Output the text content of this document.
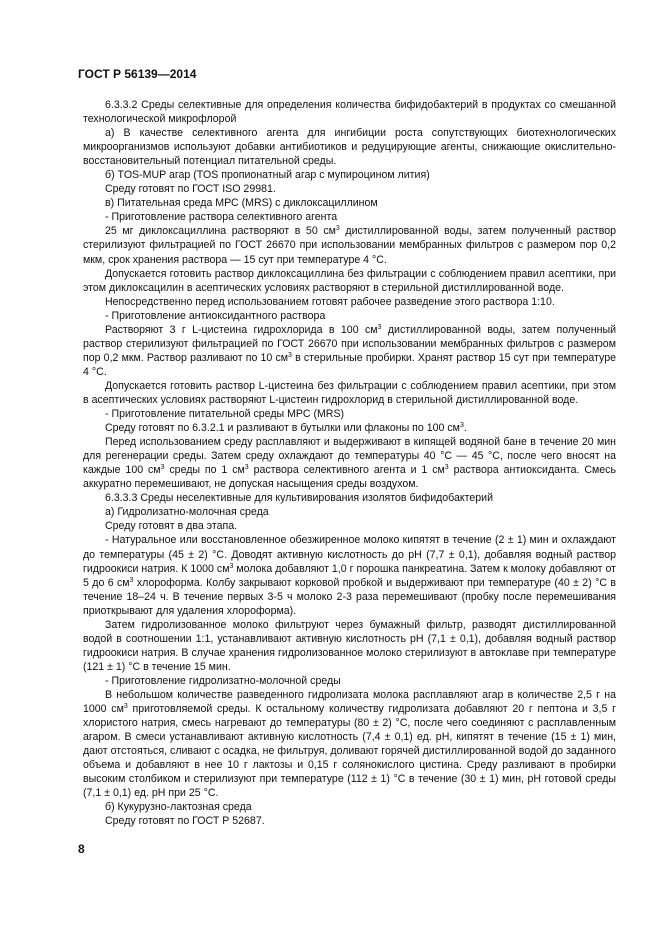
ГОСТ Р 56139—2014

6.3.3.2 Среды селективные для определения количества бифидобактерий в продуктах со смешанной технологической микрофлорой

а) В качестве селективного агента для ингибиции роста сопутствующих биотехнологических микроорганизмов используют добавки антибиотиков и редуцирующие агенты, снижающие окислительно-восстановительный потенциал питательной среды.

б) TOS-MUP агар (TOS пропионатный агар с мупироцином лития)

Среду готовят по ГОСТ ISO 29981.

в) Питательная среда МРС (MRS) с диклоксациллином

- Приготовление раствора селективного агента

25 мг диклоксациллина растворяют в 50 $см^3$ дистиллированной воды, затем полученный раствор стерилизуют фильтрацией по ГОСТ 26670 при использовании мембранных фильтров с размером пор 0,2 мкм, срок хранения раствора — 15 сут при температуре 4 °С.

Допускается готовить раствор диклоксациллина без фильтрации с соблюдением правил асептики, при этом диклоксацилин в асептических условиях растворяют в стерильной дистиллированной воде.

Непосредственно перед использованием готовят рабочее разведение этого раствора 1:10.

- Приготовление антиоксидантного раствора

Растворяют 3 г L-цистеина гидрохлорида в 100 $см^3$ дистиллированной воды, затем полученный раствор стерилизуют фильтрацией по ГОСТ 26670 при использовании мембранных фильтров с размером пор 0,2 мкм. Раствор разливают по 10 $см^3$ в стерильные пробирки. Хранят раствор 15 сут при температуре 4 °С.

Допускается готовить раствор L-цистеина без фильтрации с соблюдением правил асептики, при этом в асептических условиях растворяют L-цистеин гидрохлорид в стерильной дистиллированной воде.

- Приготовление питательной среды МРС (MRS)

Среду готовят по 6.3.2.1 и разливают в бутылки или флаконы по 100 $см^3$.

Перед использованием среду расплавляют и выдерживают в кипящей водяной бане в течение 20 мин для регенерации среды. Затем среду охлаждают до температуры 40 °С — 45 °С, после чего вносят на каждые 100 $см^3$ среды по 1 $см^3$ раствора селективного агента и 1 $см^3$ раствора антиоксиданта. Смесь аккуратно перемешивают, не допуская насыщения среды воздухом.

6.3.3.3 Среды неселективные для культивирования изолятов бифидобактерий

а) Гидролизатно-молочная среда

Среду готовят в два этапа.

- Натуральное или восстановленное обезжиренное молоко кипятят в течение (2 ± 1) мин и охлаждают до температуры (45 ± 2) °С. Доводят активную кислотность до pH (7,7 ± 0,1), добавляя водный раствор гидроокиси натрия. К 1000 $см^3$ молока добавляют 1,0 г порошка панкреатина. Затем к молоку добавляют от 5 до 6 $см^3$ хлороформа. Колбу закрывают корковой пробкой и выдерживают при температуре (40 ± 2) °С в течение 18–24 ч. В течение первых 3-5 ч молоко 2-3 раза перемешивают (пробку после перемешивания приоткрывают для удаления хлороформа).

Затем гидролизованное молоко фильтруют через бумажный фильтр, разводят дистиллированной водой в соотношении 1:1, устанавливают активную кислотность pH (7,1 ± 0,1), добавляя водный раствор гидроокиси натрия. В случае хранения гидролизованное молоко стерилизуют в автоклаве при температуре (121 ± 1) °С в течение 15 мин.

- Приготовление гидролизатно-молочной среды

В небольшом количестве разведенного гидролизата молока расплавляют агар в количестве 2,5 г на 1000 $см^3$ приготовляемой среды. К остальному количеству гидролизата добавляют 20 г пептона и 3,5 г хлористого натрия, смесь нагревают до температуры (80 ± 2) °С, после чего соединяют с расплавленным агаром. В смеси устанавливают активную кислотность (7,4 ± 0,1) ед. pH, кипятят в течение (15 ± 1) мин, дают отстояться, сливают с осадка, не фильтруя, доливают горячей дистиллированной водой до заданного объема и добавляют в нее 10 г лактозы и 0,15 г солянокислого цистина. Среду разливают в пробирки высоким столбиком и стерилизуют при температуре (112 ± 1) °С в течение (30 ± 1) мин, pH готовой среды (7,1 ± 0,1) ед. pH при 25 °С.

б) Кукурузно-лактозная среда

Среду готовят по ГОСТ Р 52687.

8
